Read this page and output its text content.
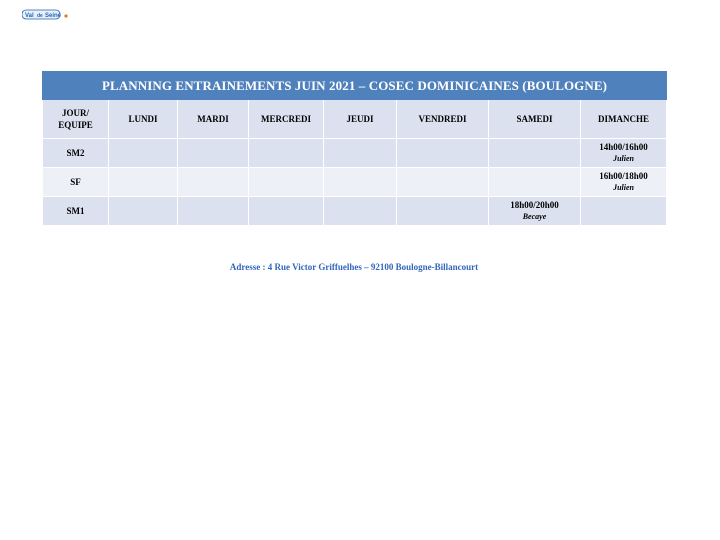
Val de Seine
PLANNING ENTRAINEMENTS JUIN 2021 – COSEC DOMINICAINES (BOULOGNE)							
JOUR/
EQUIPE	LUNDI	MARDI	MERCREDI	JEUDI	VENDREDI	SAMEDI	DIMANCHE
SM2							14h00/16h00
Julien

SF							16h00/18h00
Julien

SM1						18h00/20h00
Becaye	

Adresse : 4 Rue Victor Griffuelhes – 92100 Boulogne-Billancourt
